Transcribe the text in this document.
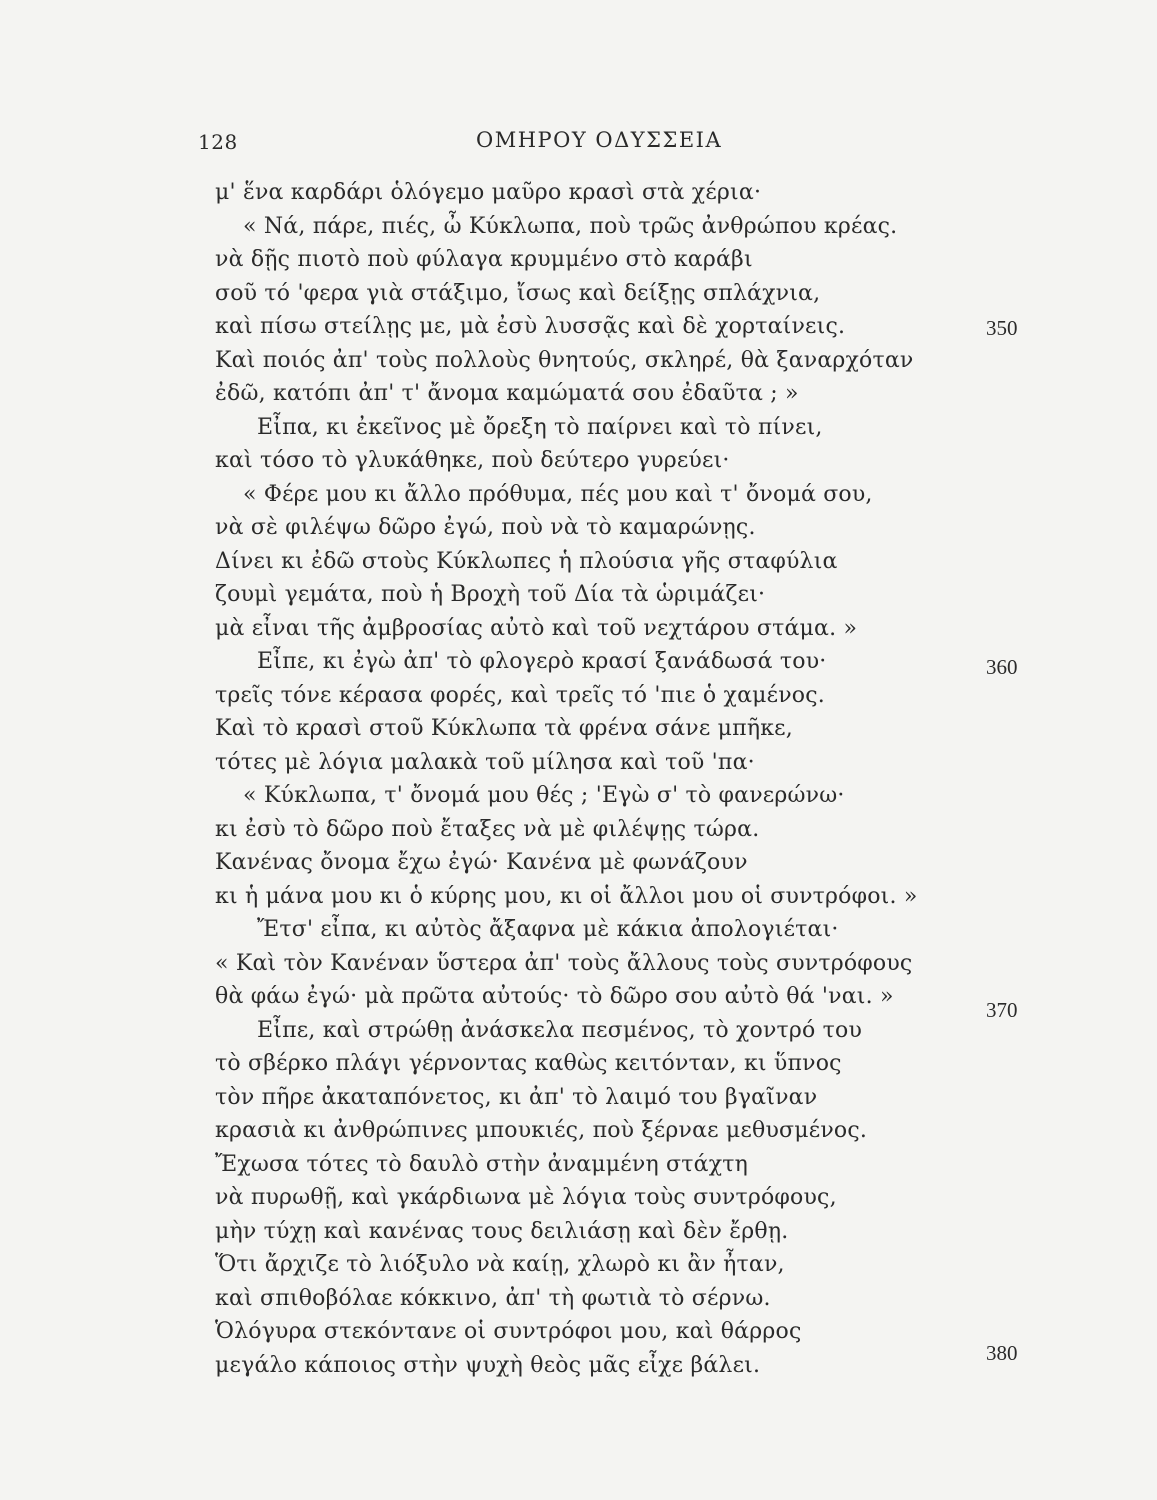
128	ΟΜΗΡΟΥ ΟΔΥΣΣΕΙΑ
μ' ἕνα καρδάρι ὁλόγεμο μαῦρο κρασὶ στὰ χέρια·
« Νά, πάρε, πιές, ὦ Κύκλωπα, ποὺ τρῶς ἀνθρώπου κρέας.
νὰ δῇς πιοτὸ ποὺ φύλαγα κρυμμένο στὸ καράβι
σοῦ τό 'φερα γιὰ στάξιμο, ἴσως καὶ δείξῃς σπλάχνια,
καὶ πίσω στείλῃς με, μὰ ἐσὺ λυσσᾷς καὶ δὲ χορταίνεις.
Καὶ ποιός ἀπ' τοὺς πολλοὺς θνητούς, σκληρέ, θὰ ξαναρχόταν
ἐδῶ, κατόπι ἀπ' τ' ἄνομα καμώματά σου ἐδαῦτα ; »
Εἶπα, κι ἐκεῖνος μὲ ὄρεξη τὸ παίρνει καὶ τὸ πίνει,
καὶ τόσο τὸ γλυκάθηκε, ποὺ δεύτερο γυρεύει·
« Φέρε μου κι ἄλλο πρόθυμα, πές μου καὶ τ' ὄνομά σου,
νὰ σὲ φιλέψω δῶρο ἐγώ, ποὺ νὰ τὸ καμαρώνῃς.
Δίνει κι ἐδῶ στοὺς Κύκλωπες ἡ πλούσια γῆς σταφύλια
ζουμὶ γεμάτα, ποὺ ἡ Βροχὴ τοῦ Δία τὰ ὡριμάζει·
μὰ εἶναι τῆς ἀμβροσίας αὐτὸ καὶ τοῦ νεχτάρου στάμα. »
Εἶπε, κι ἐγὼ ἀπ' τὸ φλογερὸ κρασί ξανάδωσά του·
τρεῖς τόνε κέρασα φορές, καὶ τρεῖς τό 'πιε ὁ χαμένος.
Καὶ τὸ κρασὶ στοῦ Κύκλωπα τὰ φρένα σάνε μπῆκε,
τότες μὲ λόγια μαλακὰ τοῦ μίλησα καὶ τοῦ 'πα·
« Κύκλωπα, τ' ὄνομά μου θές ; 'Εγὼ σ' τὸ φανερώνω·
κι ἐσὺ τὸ δῶρο ποὺ ἔταξες νὰ μὲ φιλέψῃς τώρα.
Κανένας ὄνομα ἔχω ἐγώ· Κανένα μὲ φωνάζουν
κι ἡ μάνα μου κι ὁ κύρης μου, κι οἱ ἄλλοι μου οἱ συντρόφοι. »
Ἔτσ' εἶπα, κι αὐτὸς ἄξαφνα μὲ κάκια ἀπολογιέται·
« Καὶ τὸν Κανέναν ὕστερα ἀπ' τοὺς ἄλλους τοὺς συντρόφους
θὰ φάω ἐγώ· μὰ πρῶτα αὐτούς· τὸ δῶρο σου αὐτὸ θά 'ναι. »
Εἶπε, καὶ στρώθῃ ἀνάσκελα πεσμένος, τὸ χοντρό του
τὸ σβέρκο πλάγι γέρνοντας καθὼς κειτόνταν, κι ὕπνος
τὸν πῆρε ἀκαταπόνετος, κι ἀπ' τὸ λαιμό του βγαῖναν
κρασιὰ κι ἀνθρώπινες μπουκιές, ποὺ ξέρναε μεθυσμένος.
Ἔχωσα τότες τὸ δαυλὸ στὴν ἀναμμένη στάχτη
νὰ πυρωθῇ, καὶ γκάρδιωνα μὲ λόγια τοὺς συντρόφους,
μὴν τύχῃ καὶ κανένας τους δειλιάσῃ καὶ δὲν ἔρθῃ.
Ὅτι ἄρχιζε τὸ λιόξυλο νὰ καίῃ, χλωρὸ κι ἂν ἦταν,
καὶ σπιθοβόλαε κόκκινο, ἀπ' τὴ φωτιὰ τὸ σέρνω.
Ὁλόγυρα στεκόντανε οἱ συντρόφοι μου, καὶ θάρρος
μεγάλο κάποιος στὴν ψυχὴ θεὸς μᾶς εἶχε βάλει.
350
360
370
380
